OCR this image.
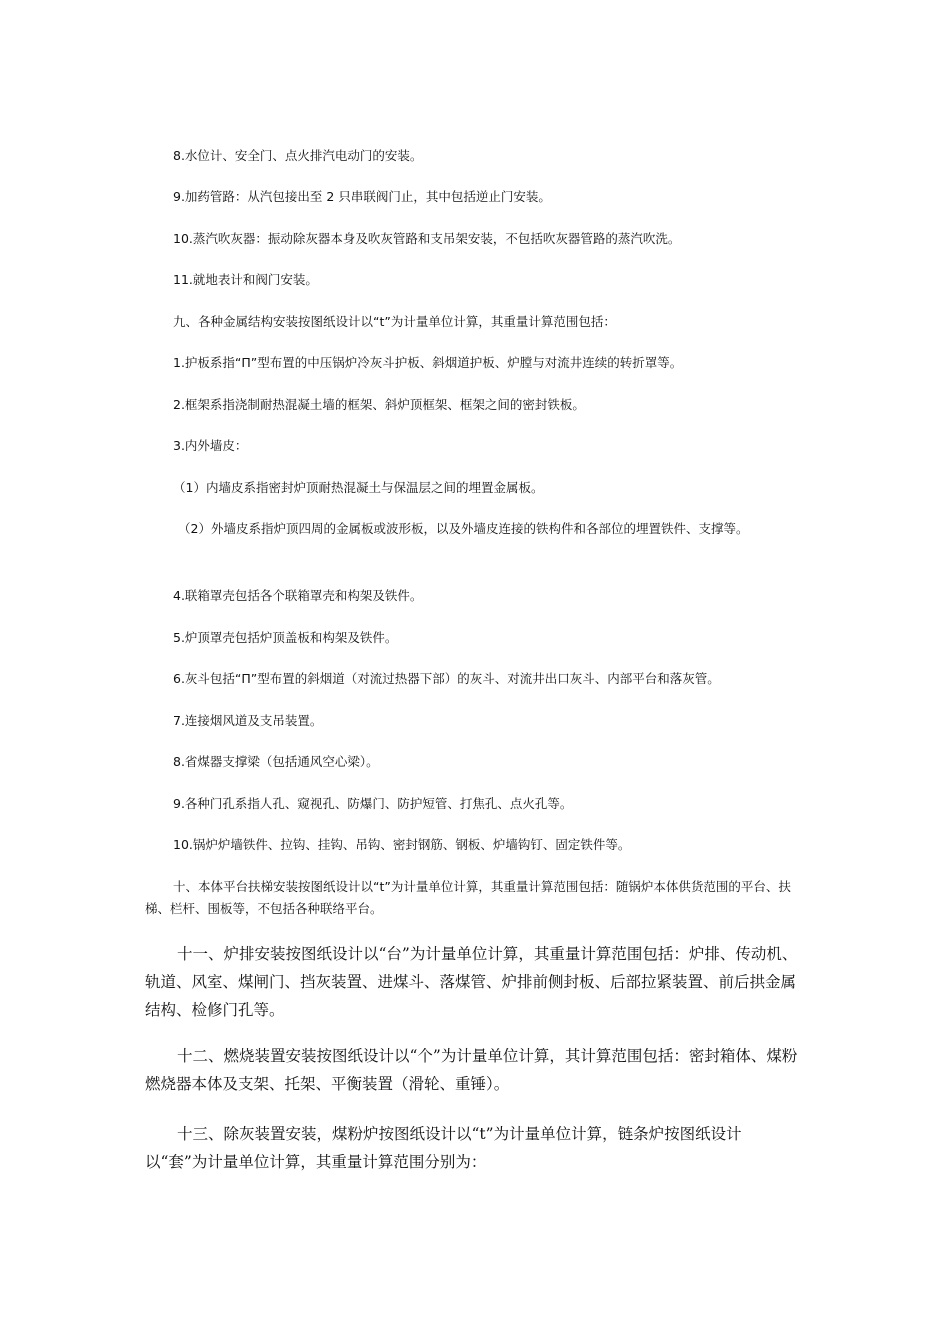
8.水位计、安全门、点火排汽电动门的安装。

9.加药管路：从汽包接出至 2 只串联阀门止，其中包括逆止门安装。

10.蒸汽吹灰器：振动除灰器本身及吹灰管路和支吊架安装，不包括吹灰器管路的蒸汽吹洗。

11.就地表计和阀门安装。

九、各种金属结构安装按图纸设计以“t”为计量单位计算，其重量计算范围包括：

1.护板系指“Π”型布置的中压锅炉冷灰斗护板、斜烟道护板、炉膛与对流井连续的转折罩等。

2.框架系指浇制耐热混凝土墙的框架、斜炉顶框架、框架之间的密封铁板。

3.内外墙皮：

（1）内墙皮系指密封炉顶耐热混凝土与保温层之间的埋置金属板。

（2）外墙皮系指炉顶四周的金属板或波形板，以及外墙皮连接的铁构件和各部位的埋置铁件、支撑等。

4.联箱罩壳包括各个联箱罩壳和构架及铁件。

5.炉顶罩壳包括炉顶盖板和构架及铁件。

6.灰斗包括“Π”型布置的斜烟道（对流过热器下部）的灰斗、对流井出口灰斗、内部平台和落灰管。

7.连接烟风道及支吊装置。

8.省煤器支撑梁（包括通风空心梁）。

9.各种门孔系指人孔、窥视孔、防爆门、防护短管、打焦孔、点火孔等。

10.锅炉炉墙铁件、拉钩、挂钩、吊钩、密封钢筋、钢板、炉墙钩钉、固定铁件等。

十、本体平台扶梯安装按图纸设计以“t”为计量单位计算，其重量计算范围包括：随锅炉本体供货范围的平台、扶梯、栏杆、围板等，不包括各种联络平台。

十一、炉排安装按图纸设计以“台”为计量单位计算，其重量计算范围包括：炉排、传动机、轨道、风室、煤闸门、挡灰装置、进煤斗、落煤管、炉排前侧封板、后部拉紧装置、前后拱金属结构、检修门孔等。

十二、燃烧装置安装按图纸设计以“个”为计量单位计算，其计算范围包括：密封箱体、煤粉燃烧器本体及支架、托架、平衡装置（滑轮、重锤）。

十三、除灰装置安装，煤粉炉按图纸设计以“t”为计量单位计算，链条炉按图纸设计以“套”为计量单位计算，其重量计算范围分别为：
